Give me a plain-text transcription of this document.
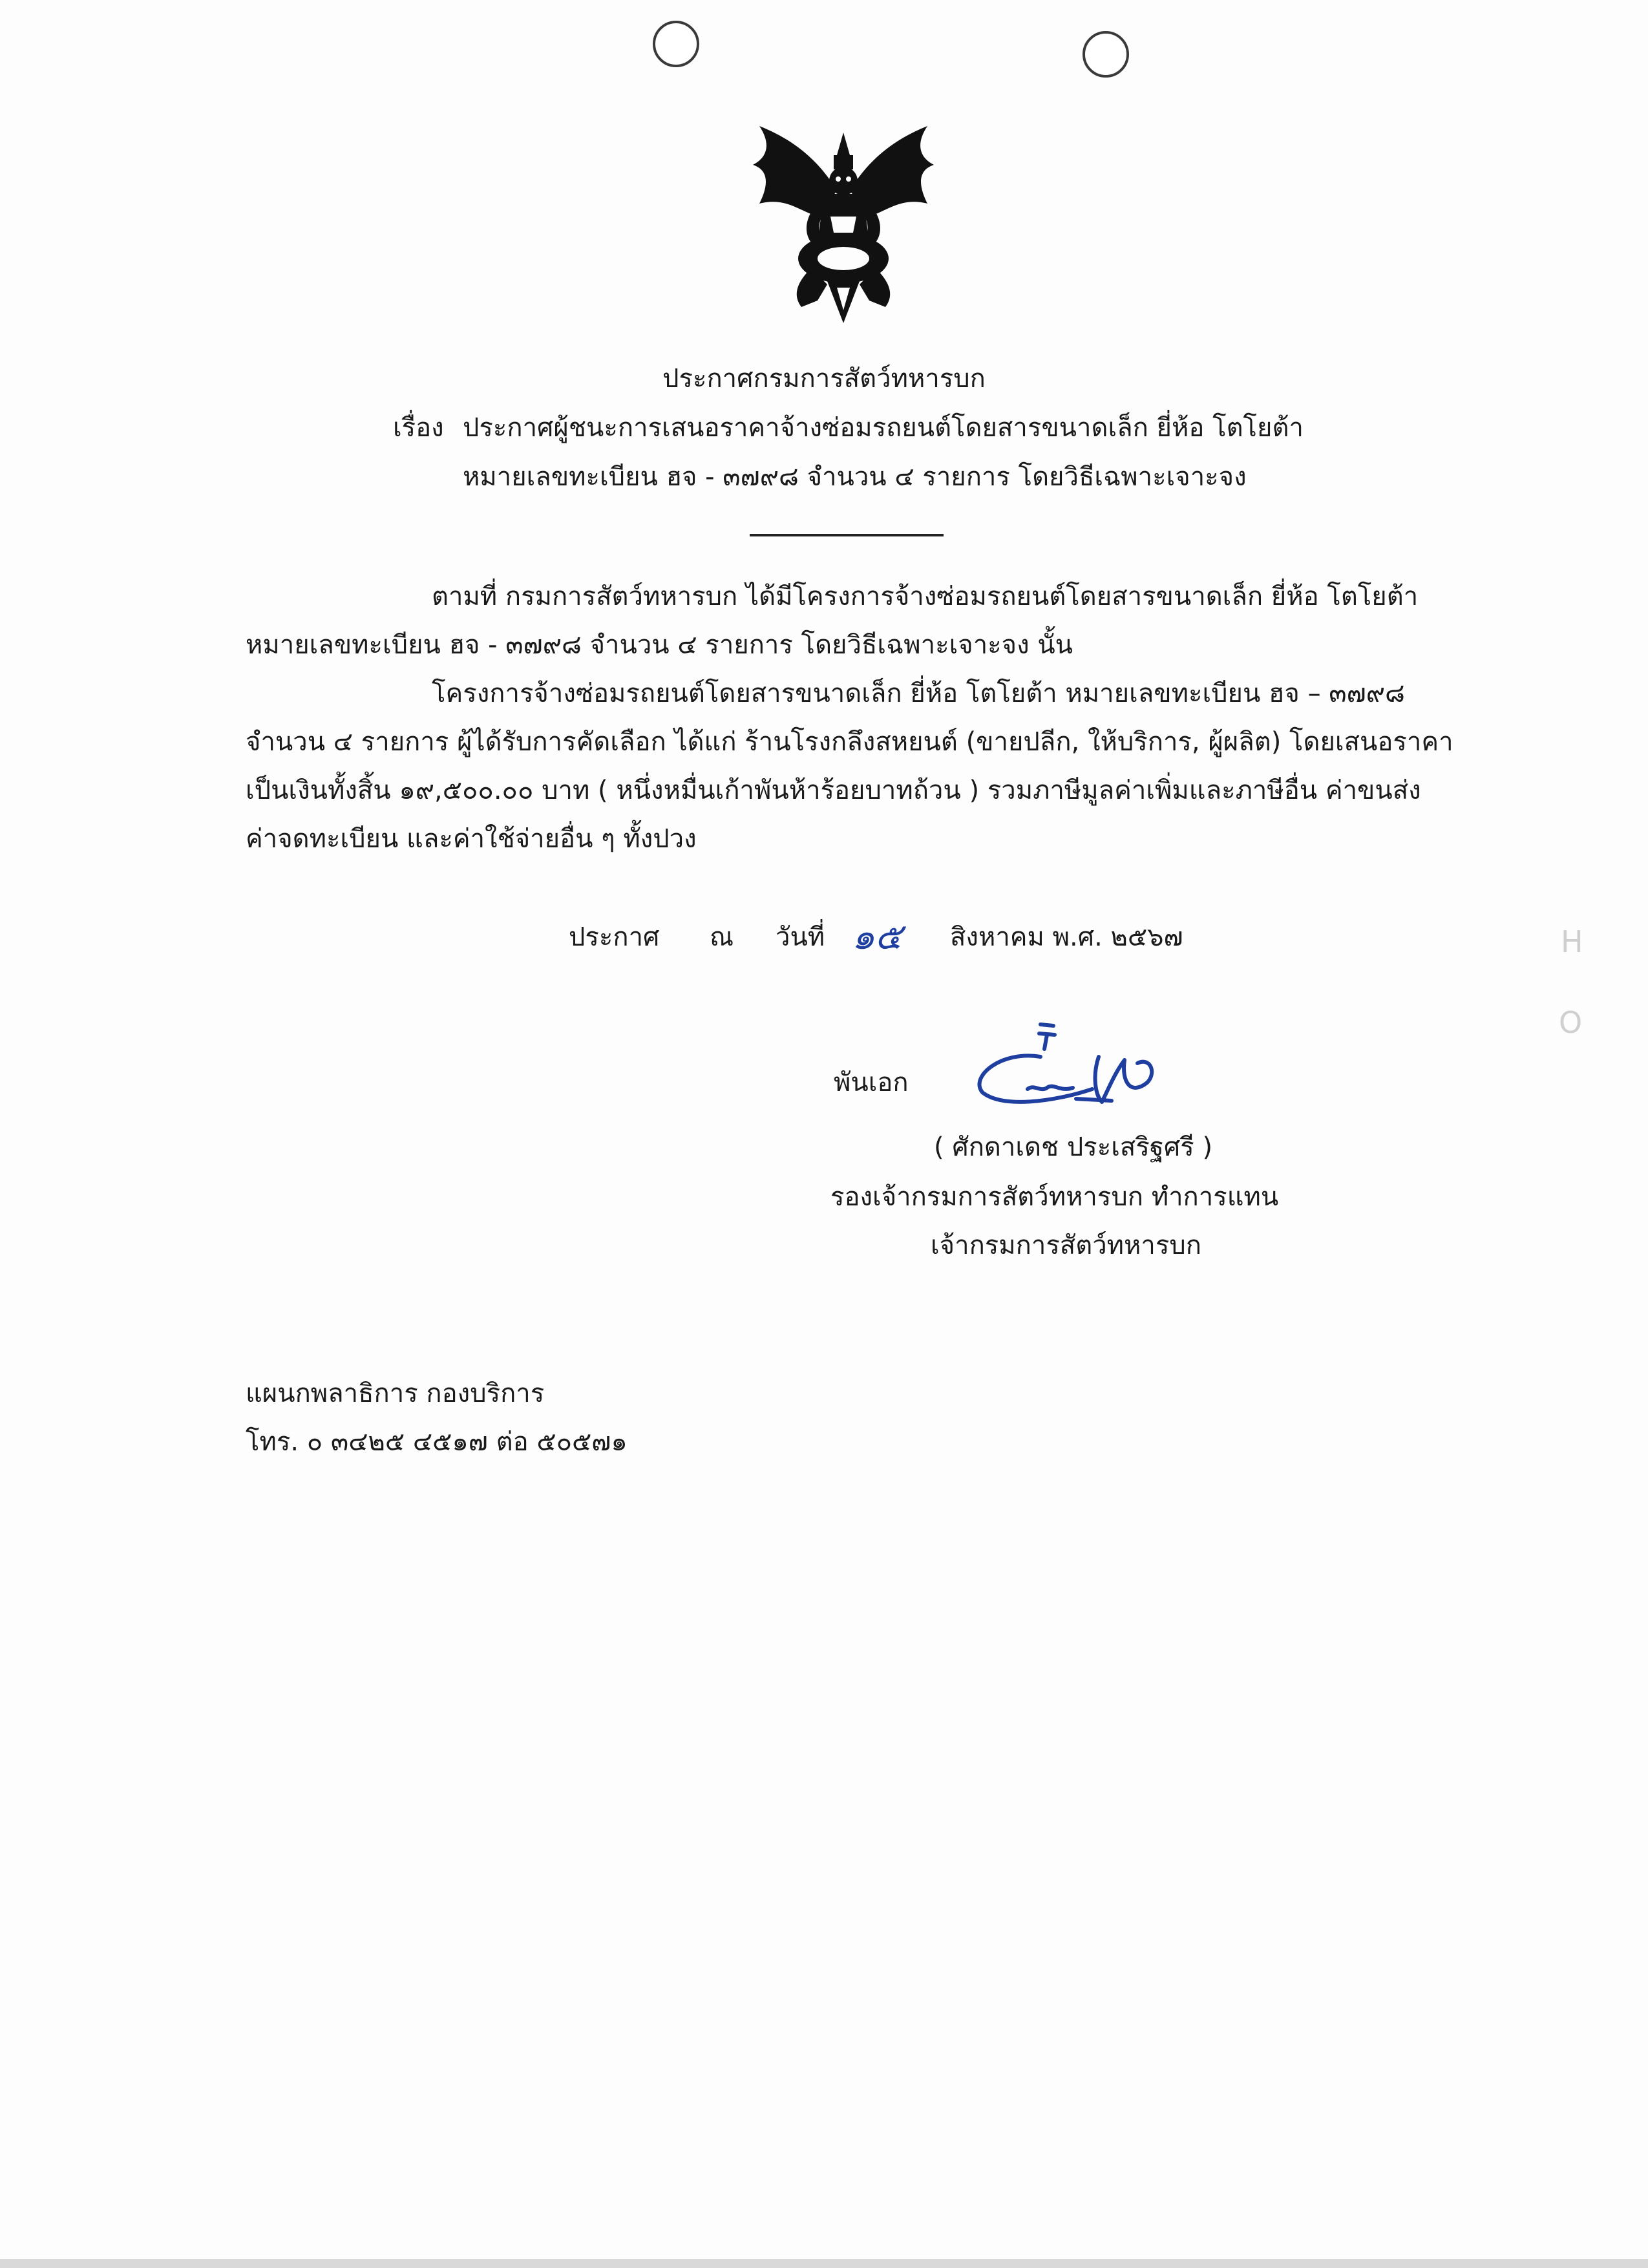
ประกาศกรมการสัตว์ทหารบก
เรื่อง ประกาศผู้ชนะการเสนอราคาจ้างซ่อมรถยนต์โดยสารขนาดเล็ก ยี่ห้อ โตโยต้า
หมายเลขทะเบียน ฮจ - ๓๗๙๘ จำนวน ๔ รายการ โดยวิธีเฉพาะเจาะจง
ตามที่ กรมการสัตว์ทหารบก ได้มีโครงการจ้างซ่อมรถยนต์โดยสารขนาดเล็ก ยี่ห้อ โตโยต้า
หมายเลขทะเบียน ฮจ - ๓๗๙๘ จำนวน ๔ รายการ โดยวิธีเฉพาะเจาะจง นั้น
โครงการจ้างซ่อมรถยนต์โดยสารขนาดเล็ก ยี่ห้อ โตโยต้า หมายเลขทะเบียน ฮจ – ๓๗๙๘
จำนวน ๔ รายการ ผู้ได้รับการคัดเลือก ได้แก่ ร้านโรงกลึงสหยนต์ (ขายปลีก, ให้บริการ, ผู้ผลิต) โดยเสนอราคา
เป็นเงินทั้งสิ้น ๑๙,๕๐๐.๐๐ บาท ( หนึ่งหมื่นเก้าพันห้าร้อยบาทถ้วน ) รวมภาษีมูลค่าเพิ่มและภาษีอื่น ค่าขนส่ง
ค่าจดทะเบียน และค่าใช้จ่ายอื่น ๆ ทั้งปวง
ประกาศ ณ วันที่ ๑๕ สิงหาคม พ.ศ. ๒๕๖๗
พันเอก
( ศักดาเดช ประเสริฐศรี )
รองเจ้ากรมการสัตว์ทหารบก ทำการแทน
เจ้ากรมการสัตว์ทหารบก
แผนกพลาธิการ กองบริการ
โทร. ๐ ๓๔๒๕ ๔๕๑๗ ต่อ ๕๐๕๗๑
H
O
